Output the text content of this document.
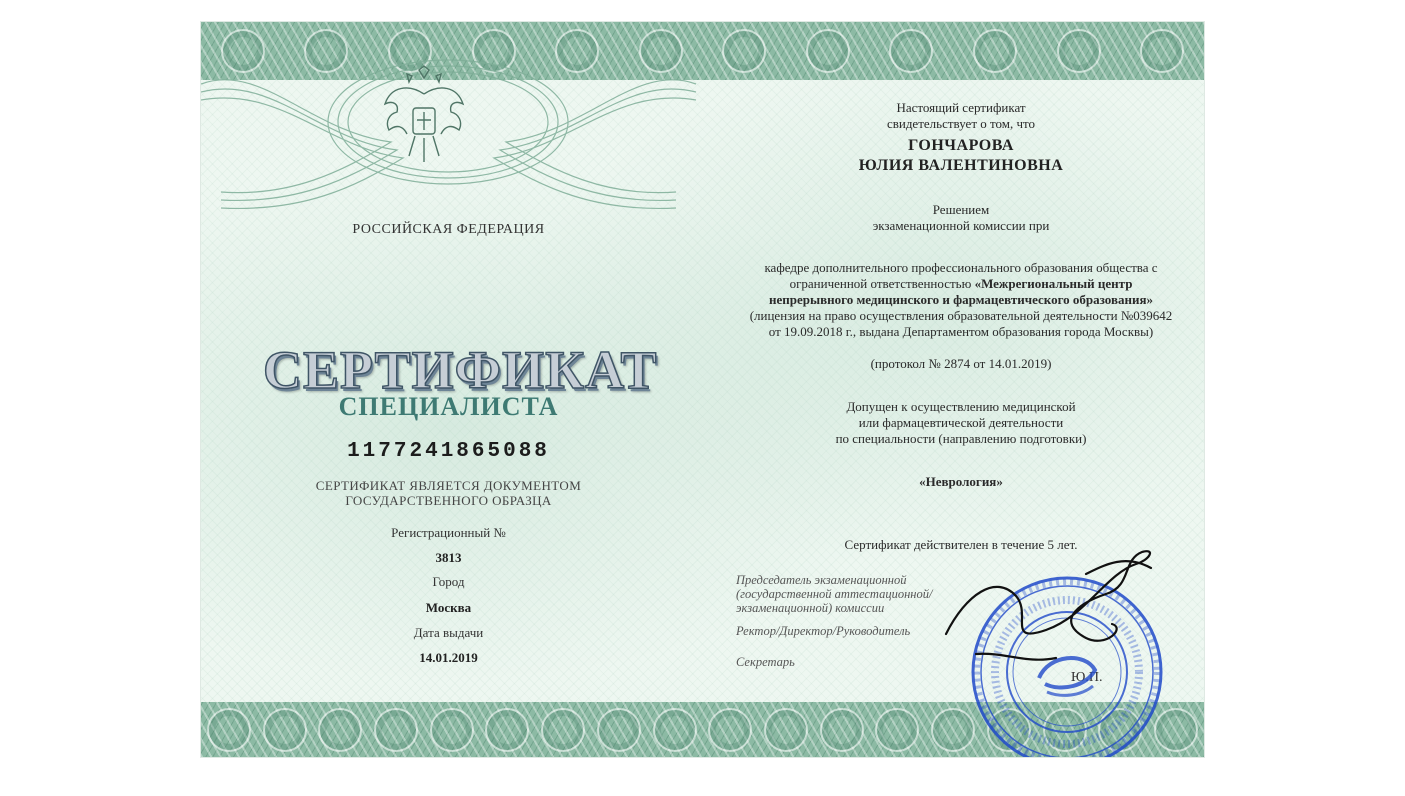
РОССИЙСКАЯ ФЕДЕРАЦИЯ
СЕРТИФИКАТ
СПЕЦИАЛИСТА
1177241865088
СЕРТИФИКАТ ЯВЛЯЕТСЯ ДОКУМЕНТОМ
ГОСУДАРСТВЕННОГО ОБРАЗЦА
Регистрационный №
3813
Город
Москва
Дата выдачи
14.01.2019
Настоящий сертификат
свидетельствует о том, что
ГОНЧАРОВА
ЮЛИЯ ВАЛЕНТИНОВНА
Решением
экзаменационной комиссии при
кафедре дополнительного профессионального образования общества с
ограниченной ответственностью «Межрегиональный центр
непрерывного медицинского и фармацевтического образования»
(лицензия на право осуществления образовательной деятельности №039642
от 19.09.2018 г., выдана Департаментом образования города Москвы)
(протокол № 2874 от 14.01.2019)
Допущен к осуществлению медицинской
или фармацевтической деятельности
по специальности (направлению подготовки)
«Неврология»
Сертификат действителен в течение 5 лет.
Председатель экзаменационной
(государственной аттестационной/
экзаменационной) комиссии
Ректор/Директор/Руководитель
Секретарь
Ю.П.
